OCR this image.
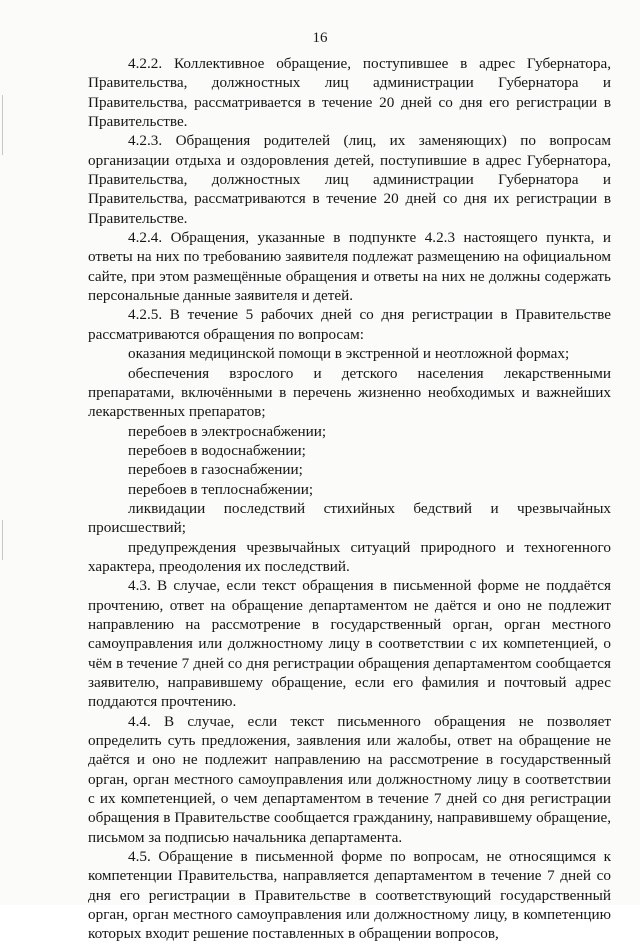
16

4.2.2. Коллективное обращение, поступившее в адрес Губернатора, Правительства, должностных лиц администрации Губернатора и Правительства, рассматривается в течение 20 дней со дня его регистрации в Правительстве.

4.2.3. Обращения родителей (лиц, их заменяющих) по вопросам организации отдыха и оздоровления детей, поступившие в адрес Губернатора, Правительства, должностных лиц администрации Губернатора и Правительства, рассматриваются в течение 20 дней со дня их регистрации в Правительстве.

4.2.4. Обращения, указанные в подпункте 4.2.3 настоящего пункта, и ответы на них по требованию заявителя подлежат размещению на официальном сайте, при этом размещённые обращения и ответы на них не должны содержать персональные данные заявителя и детей.

4.2.5. В течение 5 рабочих дней со дня регистрации в Правительстве рассматриваются обращения по вопросам:

оказания медицинской помощи в экстренной и неотложной формах;

обеспечения взрослого и детского населения лекарственными препаратами, включёнными в перечень жизненно необходимых и важнейших лекарственных препаратов;

перебоев в электроснабжении;

перебоев в водоснабжении;

перебоев в газоснабжении;

перебоев в теплоснабжении;

ликвидации последствий стихийных бедствий и чрезвычайных происшествий;

предупреждения чрезвычайных ситуаций природного и техногенного характера, преодоления их последствий.

4.3. В случае, если текст обращения в письменной форме не поддаётся прочтению, ответ на обращение департаментом не даётся и оно не подлежит направлению на рассмотрение в государственный орган, орган местного самоуправления или должностному лицу в соответствии с их компетенцией, о чём в течение 7 дней со дня регистрации обращения департаментом сообщается заявителю, направившему обращение, если его фамилия и почтовый адрес поддаются прочтению.

4.4. В случае, если текст письменного обращения не позволяет определить суть предложения, заявления или жалобы, ответ на обращение не даётся и оно не подлежит направлению на рассмотрение в государственный орган, орган местного самоуправления или должностному лицу в соответствии с их компетенцией, о чем департаментом в течение 7 дней со дня регистрации обращения в Правительстве сообщается гражданину, направившему обращение, письмом за подписью начальника департамента.

4.5. Обращение в письменной форме по вопросам, не относящимся к компетенции Правительства, направляется департаментом в течение 7 дней со дня его регистрации в Правительстве в соответствующий государственный орган, орган местного самоуправления или должностному лицу, в компетенцию которых входит решение поставленных в обращении вопросов,
